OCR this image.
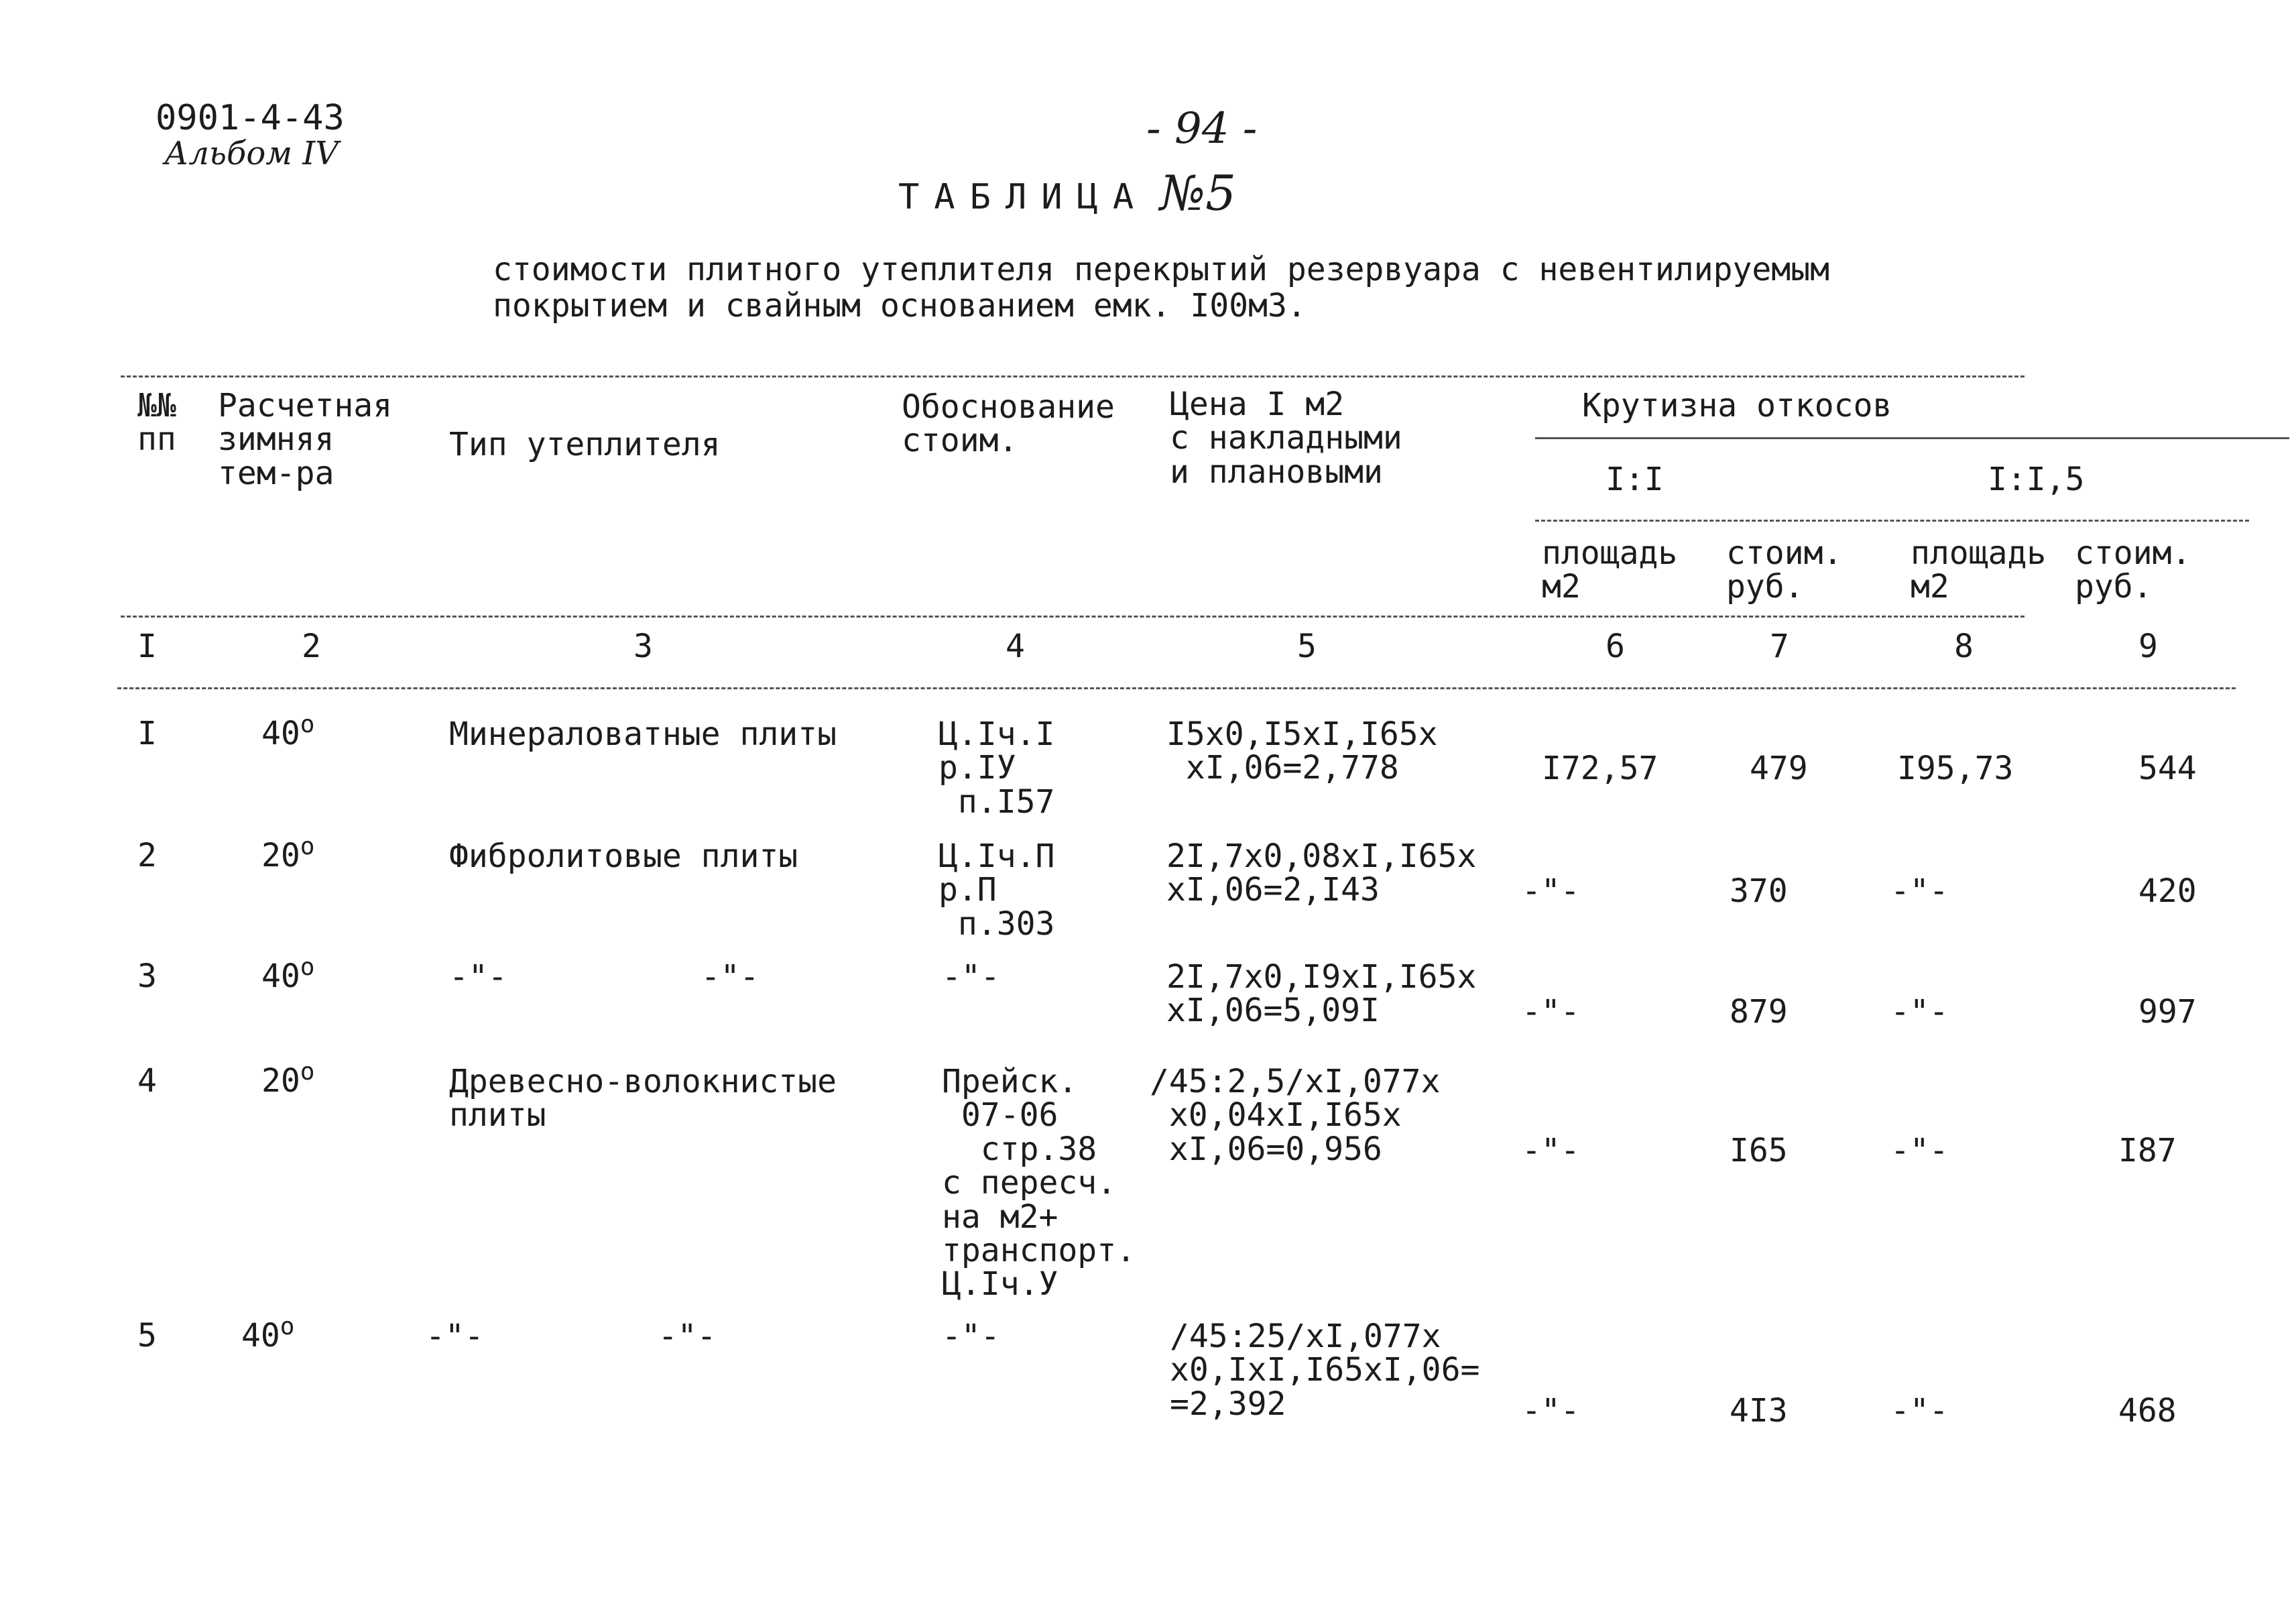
0901-4-43
Альбом IV	- 94 -
ТАБЛИЦА №5
стоимости плитного утеплителя перекрытий резервуара с невентилируемым
покрытием и свайным основанием емк. I00м3.
№№
пп
Расчетная
зимняя
тем-ра
Тип утеплителя
Обоснование
стоим.
Цена I м2
с накладными
и плановыми
Крутизна откосов
I:I	I:I,5
площадь
м2
стоим.
руб.
площадь
м2
стоим.
руб.
I	2	3	4	5	6	7	8	9
I	40$^o$	Минераловатные плиты	Ц.Iч.I
р.IУ
п.I57
I5x0,I5xI,I65x
xI,06=2,778	I72,57	479	I95,73	544
2	20$^o$	Фибролитовые плиты	Ц.Iч.П
р.П
п.303
2I,7x0,08xI,I65x
xI,06=2,I43	-"-	370	-"-	420
3	40$^o$	-"-          -"-	-"-	2I,7x0,I9xI,I65x
xI,06=5,09I	-"-	879	-"-	997
4	20$^o$	Древесно-волокнистые
плиты
Прейск.
07-06
стр.38
с пересч.
на м2+
транспорт.
Ц.Iч.У
/45:2,5/xI,077x
x0,04xI,I65x
xI,06=0,956	-"-	I65	-"-	I87
5	40$^o$	-"-         -"-	-"-	/45:25/xI,077x
x0,IxI,I65xI,06=
=2,392	-"-	4I3	-"-	468
